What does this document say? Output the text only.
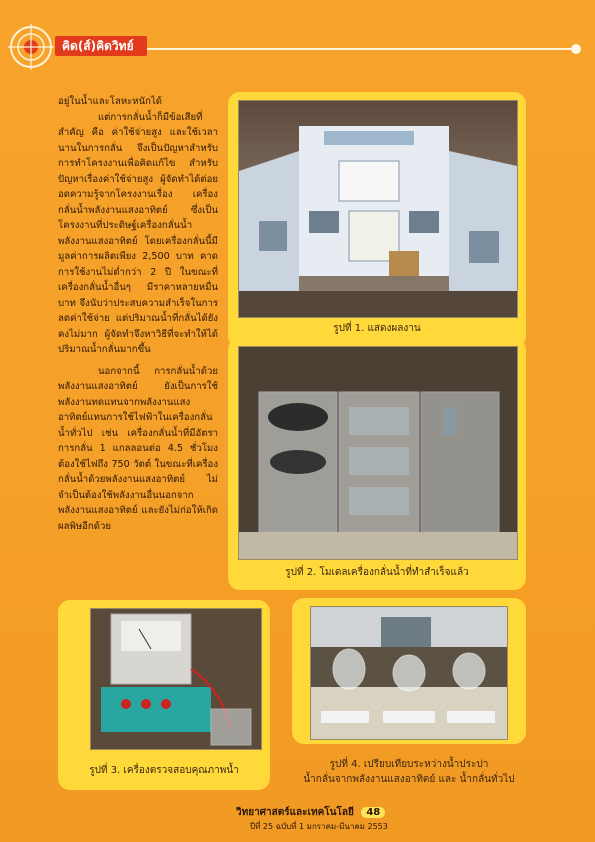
คิด(ส์)คิดวิทย์

อยู่ในน้ำและโลหะหนักได้

แต่การกลั่นน้ำก็มีข้อเสียที่สำคัญ คือ ค่าใช้จ่ายสูง และใช้เวลานานในการกลั่น จึงเป็นปัญหาสำหรับการทำโครงงานเพื่อคิดแก้ไข สำหรับปัญหาเรื่องค่าใช้จ่ายสูง ผู้จัดทำได้ต่อยอดความรู้จากโครงงานเรื่อง เครื่องกลั่นน้ำพลังงานแสงอาทิตย์ ซึ่งเป็นโครงงานที่ประดิษฐ์เครื่องกลั่นน้ำพลังงานแสงอาทิตย์ โดยเครื่องกลั่นนี้มีมูลค่าการผลิตเพียง 2,500 บาท คาดการใช้งานไม่ต่ำกว่า 2 ปี ในขณะที่เครื่องกลั่นน้ำอื่นๆ มีราคาหลายหมื่นบาท จึงนับว่าประสบความสำเร็จในการลดค่าใช้จ่าย แต่ปริมาณน้ำที่กลั่นได้ยังคงไม่มาก ผู้จัดทำจึงหาวิธีที่จะทำให้ได้ปริมาณน้ำกลั่นมากขึ้น

นอกจากนี้ การกลั่นน้ำด้วยพลังงานแสงอาทิตย์ ยังเป็นการใช้พลังงานทดแทนจากพลังงานแสงอาทิตย์แทนการใช้ไฟฟ้าในเครื่องกลั่นน้ำทั่วไป เช่น เครื่องกลั่นน้ำที่มีอัตราการกลั่น 1 แกลลอนต่อ 4.5 ชั่วโมง ต้องใช้ไฟถึง 750 วัตต์ ในขณะที่เครื่องกลั่นน้ำด้วยพลังงานแสงอาทิตย์ ไม่จำเป็นต้องใช้พลังงานอื่นนอกจากพลังงานแสงอาทิตย์ และยังไม่ก่อให้เกิดผลพิษอีกด้วย

รูปที่ 1. แสดงผลงาน
รูปที่ 2. โมเดลเครื่องกลั่นน้ำที่ทำสำเร็จแล้ว
รูปที่ 3. เครื่องตรวจสอบคุณภาพน้ำ
รูปที่ 4. เปรียบเทียบระหว่างน้ำประปา
น้ำกลั่นจากพลังงานแสงอาทิตย์ และ น้ำกลั่นทั่วไป
วิทยาศาสตร์และเทคโนโลยี 48
ปีที่ 25 ฉบับที่ 1 มกราคม-มีนาคม 2553
